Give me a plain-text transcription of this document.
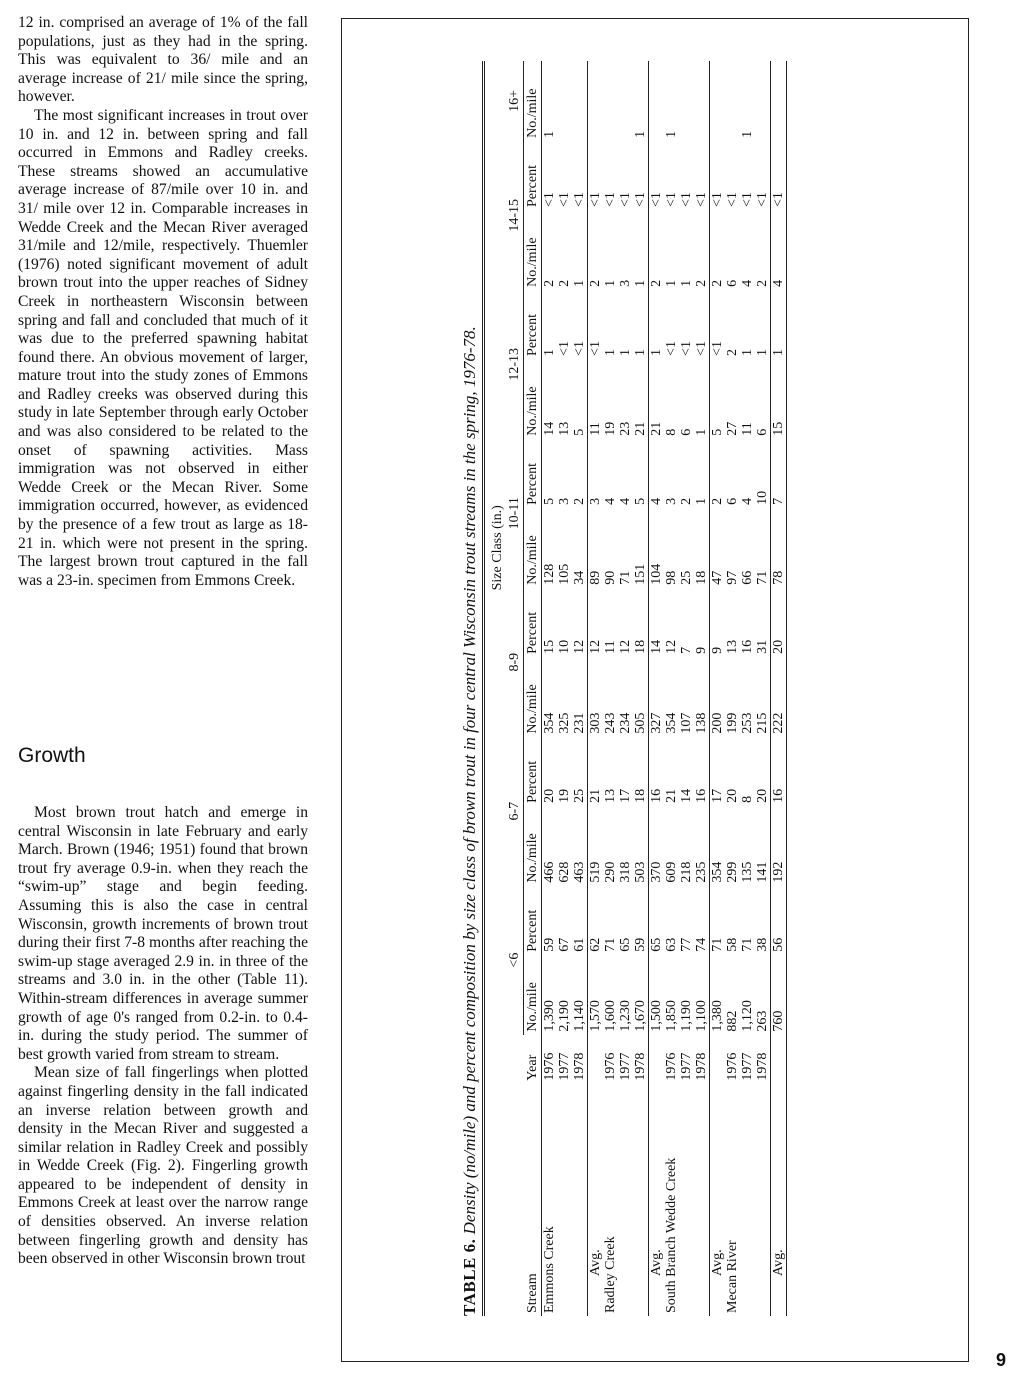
12 in. comprised an average of 1% of the fall populations, just as they had in the spring. This was equivalent to 36/ mile and an average increase of 21/ mile since the spring, however.

The most significant increases in trout over 10 in. and 12 in. between spring and fall occurred in Emmons and Radley creeks. These streams showed an accumulative average increase of 87/mile over 10 in. and 31/ mile over 12 in. Comparable increases in Wedde Creek and the Mecan River averaged 31/mile and 12/mile, respectively. Thuemler (1976) noted significant movement of adult brown trout into the upper reaches of Sidney Creek in northeastern Wisconsin between spring and fall and concluded that much of it was due to the preferred spawning habitat found there. An obvious movement of larger, mature trout into the study zones of Emmons and Radley creeks was observed during this study in late September through early October and was also considered to be related to the onset of spawning activities. Mass immigration was not observed in either Wedde Creek or the Mecan River. Some immigration occurred, however, as evidenced by the presence of a few trout as large as 18-21 in. which were not present in the spring. The largest brown trout captured in the fall was a 23-in. specimen from Emmons Creek.

Growth

Most brown trout hatch and emerge in central Wisconsin in late February and early March. Brown (1946; 1951) found that brown trout fry average 0.9-in. when they reach the “swim-up” stage and begin feeding. Assuming this is also the case in central Wisconsin, growth increments of brown trout during their first 7-8 months after reaching the swim-up stage averaged 2.9 in. in three of the streams and 3.0 in. in the other (Table 11). Within-stream differences in average summer growth of age 0's ranged from 0.2-in. to 0.4-in. during the study period. The summer of best growth varied from stream to stream.

Mean size of fall fingerlings when plotted against fingerling density in the fall indicated an inverse relation between growth and density in the Mecan River and suggested a similar relation in Radley Creek and possibly in Wedde Creek (Fig. 2). Fingerling growth appeared to be independent of density in Emmons Creek at least over the narrow range of densities observed. An inverse relation between fingerling growth and density has been observed in other Wisconsin brown trout	TABLE 6. Density (no/mile) and percent composition by size class of brown trout in four central Wisconsin trout streams in the spring, 1976-78.

		Size Class (in.)												
		<6		6-7		8-9		10-11		12-13		14-15		16+
Stream	Year	No./mile	Percent	No./mile	Percent	No./mile	Percent	No./mile	Percent	No./mile	Percent	No./mile	Percent	No./mile
Emmons Creek	1976	1,390	59	466	20	354	15	128	5	14	1	2	<1	1
	1977	2,190	67	628	19	325	10	105	3	13	<1	2	<1	
	1978	1,140	61	463	25	231	12	34	2	5	<1	1	<1	
Avg.		1,570	62	519	21	303	12	89	3	11	<1	2	<1	
Radley Creek	1976	1,600	71	290	13	243	11	90	4	19	1	1	<1	
	1977	1,230	65	318	17	234	12	71	4	23	1	3	<1	
	1978	1,670	59	503	18	505	18	151	5	21	1	1	<1	1
Avg.		1,500	65	370	16	327	14	104	4	21	1	2	<1	
South Branch Wedde Creek	1976	1,850	63	609	21	354	12	98	3	8	<1	1	<1	1
	1977	1,190	77	218	14	107	7	25	2	6	<1	1	<1	
	1978	1,100	74	235	16	138	9	18	1	1	<1	2	<1	
Avg.		1,380	71	354	17	200	9	47	2	5	<1	2	<1	
Mecan River	1976	882	58	299	20	199	13	97	6	27	2	6	<1	
	1977	1,120	71	135	8	253	16	66	4	11	1	4	<1	1
	1978	263	38	141	20	215	31	71	10	6	1	2	<1	
Avg.		760	56	192	16	222	20	78	7	15	1	4	<1	
9
